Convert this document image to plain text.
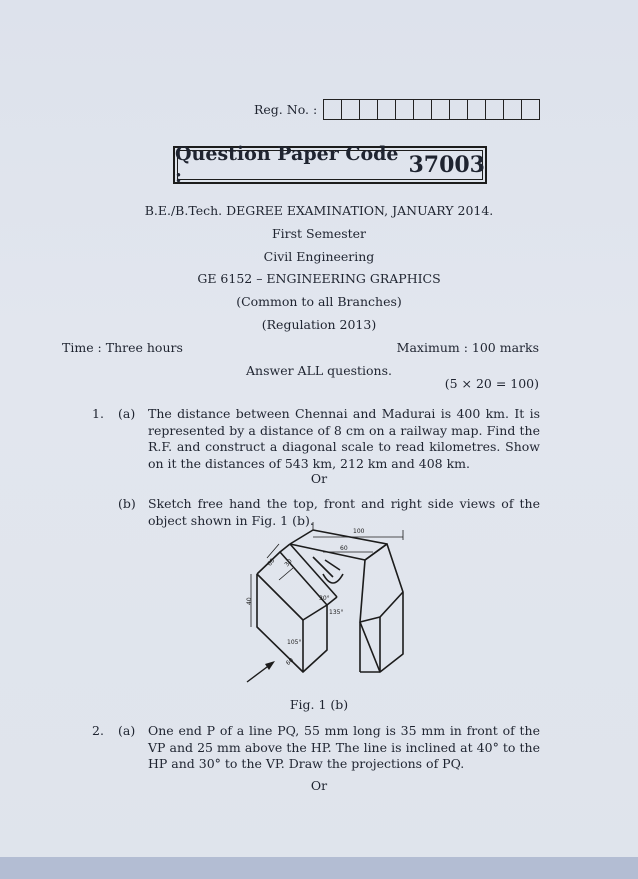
Reg. No. :
Question Paper Code :	37003
B.E./B.Tech. DEGREE EXAMINATION, JANUARY 2014.
First Semester
Civil Engineering
GE 6152 – ENGINEERING GRAPHICS
(Common to all Branches)
(Regulation 2013)
Time : Three hours	Maximum : 100 marks
Answer ALL questions.
(5 × 20 = 100)
1. (a) The distance between Chennai and Madurai is 400 km. It is represented by a distance of 8 cm on a railway map. Find the R.F. and construct a diagonal scale to read kilometres. Show on it the distances of 543 km, 212 km and 408 km.
Or
(b) Sketch free hand the top, front and right side views of the object shown in Fig. 1 (b).
100
60
60 30
40	30°
135°
105°
60
Fig. 1 (b)
2. (a) One end P of a line PQ, 55 mm long is 35 mm in front of the VP and 25 mm above the HP. The line is inclined at 40° to the HP and 30° to the VP. Draw the projections of PQ.
Or
